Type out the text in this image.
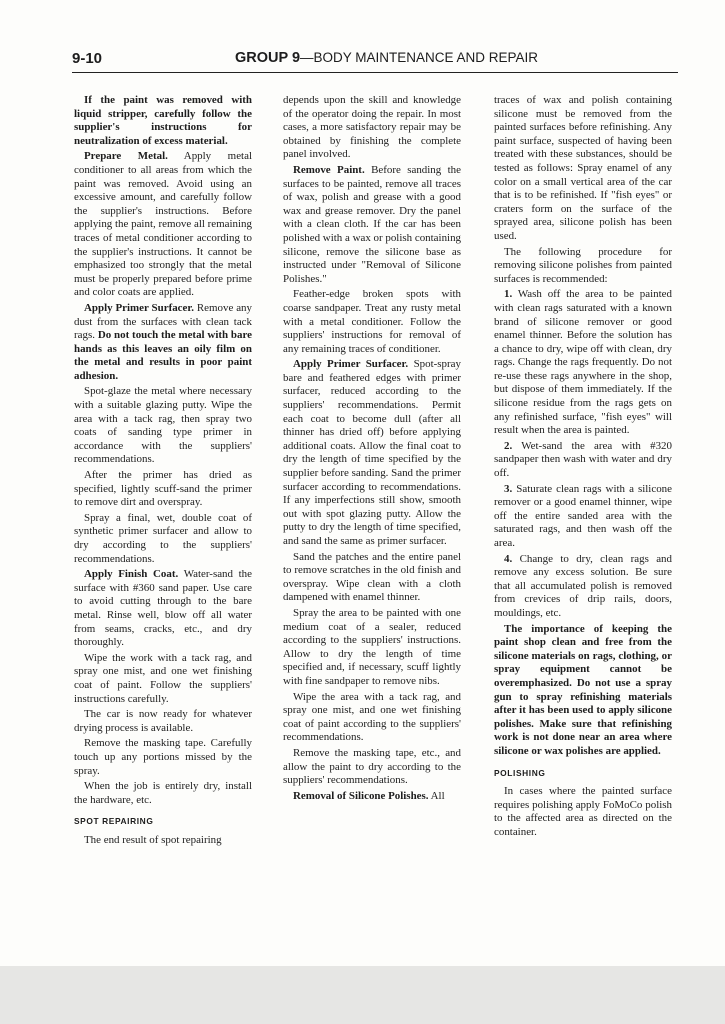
9-10	GROUP 9—BODY MAINTENANCE AND REPAIR

If the paint was removed with liquid stripper, carefully follow the supplier's instructions for neutralization of excess material.

Prepare Metal. Apply metal conditioner to all areas from which the paint was removed. Avoid using an excessive amount, and carefully follow the supplier's instructions. Before applying the paint, remove all remaining traces of metal conditioner according to the supplier's instructions. It cannot be emphasized too strongly that the metal must be properly prepared before prime and color coats are applied.

Apply Primer Surfacer. Remove any dust from the surfaces with clean tack rags. Do not touch the metal with bare hands as this leaves an oily film on the metal and results in poor paint adhesion.

Spot-glaze the metal where necessary with a suitable glazing putty. Wipe the area with a tack rag, then spray two coats of sanding type primer in accordance with the suppliers' recommendations.

After the primer has dried as specified, lightly scuff-sand the primer to remove dirt and overspray.

Spray a final, wet, double coat of synthetic primer surfacer and allow to dry according to the suppliers' recommendations.

Apply Finish Coat. Water-sand the surface with #360 sand paper. Use care to avoid cutting through to the bare metal. Rinse well, blow off all water from seams, cracks, etc., and dry thoroughly.

Wipe the work with a tack rag, and spray one mist, and one wet finishing coat of paint. Follow the suppliers' instructions carefully.

The car is now ready for whatever drying process is available.

Remove the masking tape. Carefully touch up any portions missed by the spray.

When the job is entirely dry, install the hardware, etc.

SPOT REPAIRING

The end result of spot repairing

depends upon the skill and knowledge of the operator doing the repair. In most cases, a more satisfactory repair may be obtained by finishing the complete panel involved.

Remove Paint. Before sanding the surfaces to be painted, remove all traces of wax, polish and grease with a good wax and grease remover. Dry the panel with a clean cloth. If the car has been polished with a wax or polish containing silicone, remove the silicone base as instructed under "Removal of Silicone Polishes."

Feather-edge broken spots with coarse sandpaper. Treat any rusty metal with a metal conditioner. Follow the suppliers' instructions for removal of any remaining traces of conditioner.

Apply Primer Surfacer. Spot-spray bare and feathered edges with primer surfacer, reduced according to the suppliers' recommendations. Permit each coat to become dull (after all thinner has dried off) before applying additional coats. Allow the final coat to dry the length of time specified by the supplier before sanding. Sand the primer surfacer according to recommendations. If any imperfections still show, smooth out with spot glazing putty. Allow the putty to dry the length of time specified, and sand the same as primer surfacer.

Sand the patches and the entire panel to remove scratches in the old finish and overspray. Wipe clean with a cloth dampened with enamel thinner.

Spray the area to be painted with one medium coat of a sealer, reduced according to the suppliers' instructions. Allow to dry the length of time specified and, if necessary, scuff lightly with fine sandpaper to remove nibs.

Wipe the area with a tack rag, and spray one mist, and one wet finishing coat of paint according to the suppliers' recommendations.

Remove the masking tape, etc., and allow the paint to dry according to the suppliers' recommendations.

Removal of Silicone Polishes. All

traces of wax and polish containing silicone must be removed from the painted surfaces before refinishing. Any paint surface, suspected of having been treated with these substances, should be tested as follows: Spray enamel of any color on a small vertical area of the car that is to be refinished. If "fish eyes" or craters form on the surface of the sprayed area, silicone polish has been used.

The following procedure for removing silicone polishes from painted surfaces is recommended:

1. Wash off the area to be painted with clean rags saturated with a known brand of silicone remover or good enamel thinner. Before the solution has a chance to dry, wipe off with clean, dry rags. Change the rags frequently. Do not re-use these rags anywhere in the shop, but dispose of them immediately. If the silicone residue from the rags gets on any refinished surface, "fish eyes" will result when the area is painted.

2. Wet-sand the area with #320 sandpaper then wash with water and dry off.

3. Saturate clean rags with a silicone remover or a good enamel thinner, wipe off the entire sanded area with the saturated rags, and then wash off the area.

4. Change to dry, clean rags and remove any excess solution. Be sure that all accumulated polish is removed from crevices of drip rails, doors, mouldings, etc.

The importance of keeping the paint shop clean and free from the silicone materials on rags, clothing, or spray equipment cannot be overemphasized. Do not use a spray gun to spray refinishing materials after it has been used to apply silicone polishes. Make sure that refinishing work is not done near an area where silicone or wax polishes are applied.

POLISHING

In cases where the painted surface requires polishing apply FoMoCo polish to the affected area as directed on the container.
